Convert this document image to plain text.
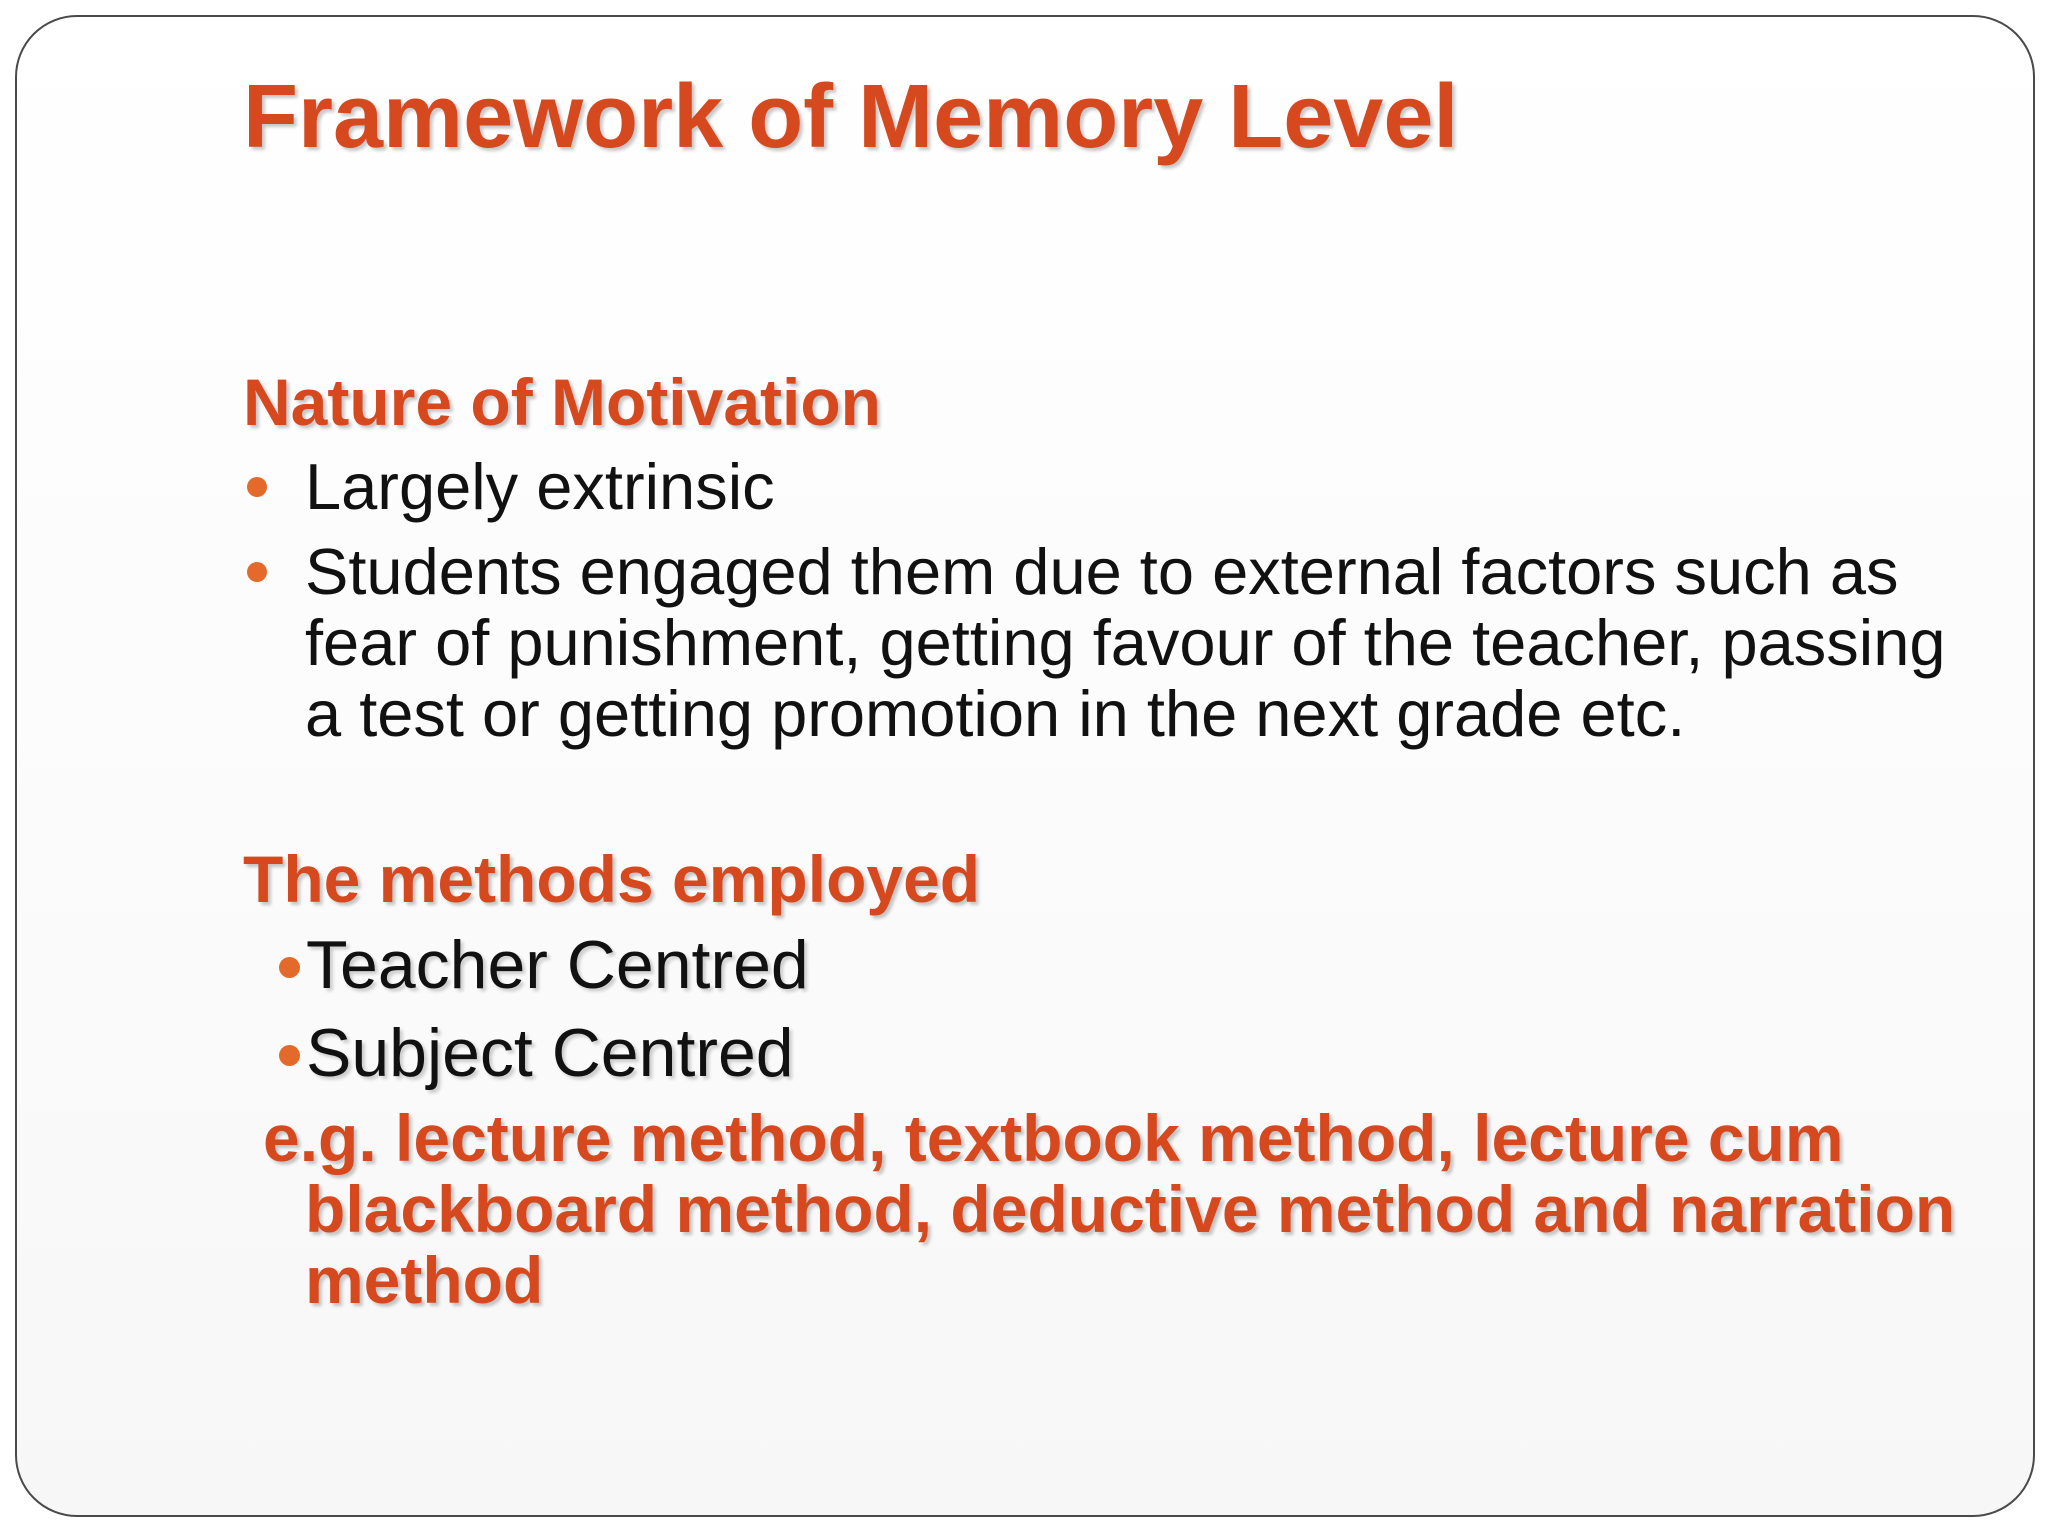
Framework of Memory Level
Nature of Motivation
Largely extrinsic
Students engaged them due to external factors such as fear of punishment, getting favour of the teacher, passing a test or getting promotion in the next grade etc.
The methods employed
Teacher Centred
Subject Centred

e.g. lecture method, textbook method, lecture cum blackboard method, deductive method and narration method
